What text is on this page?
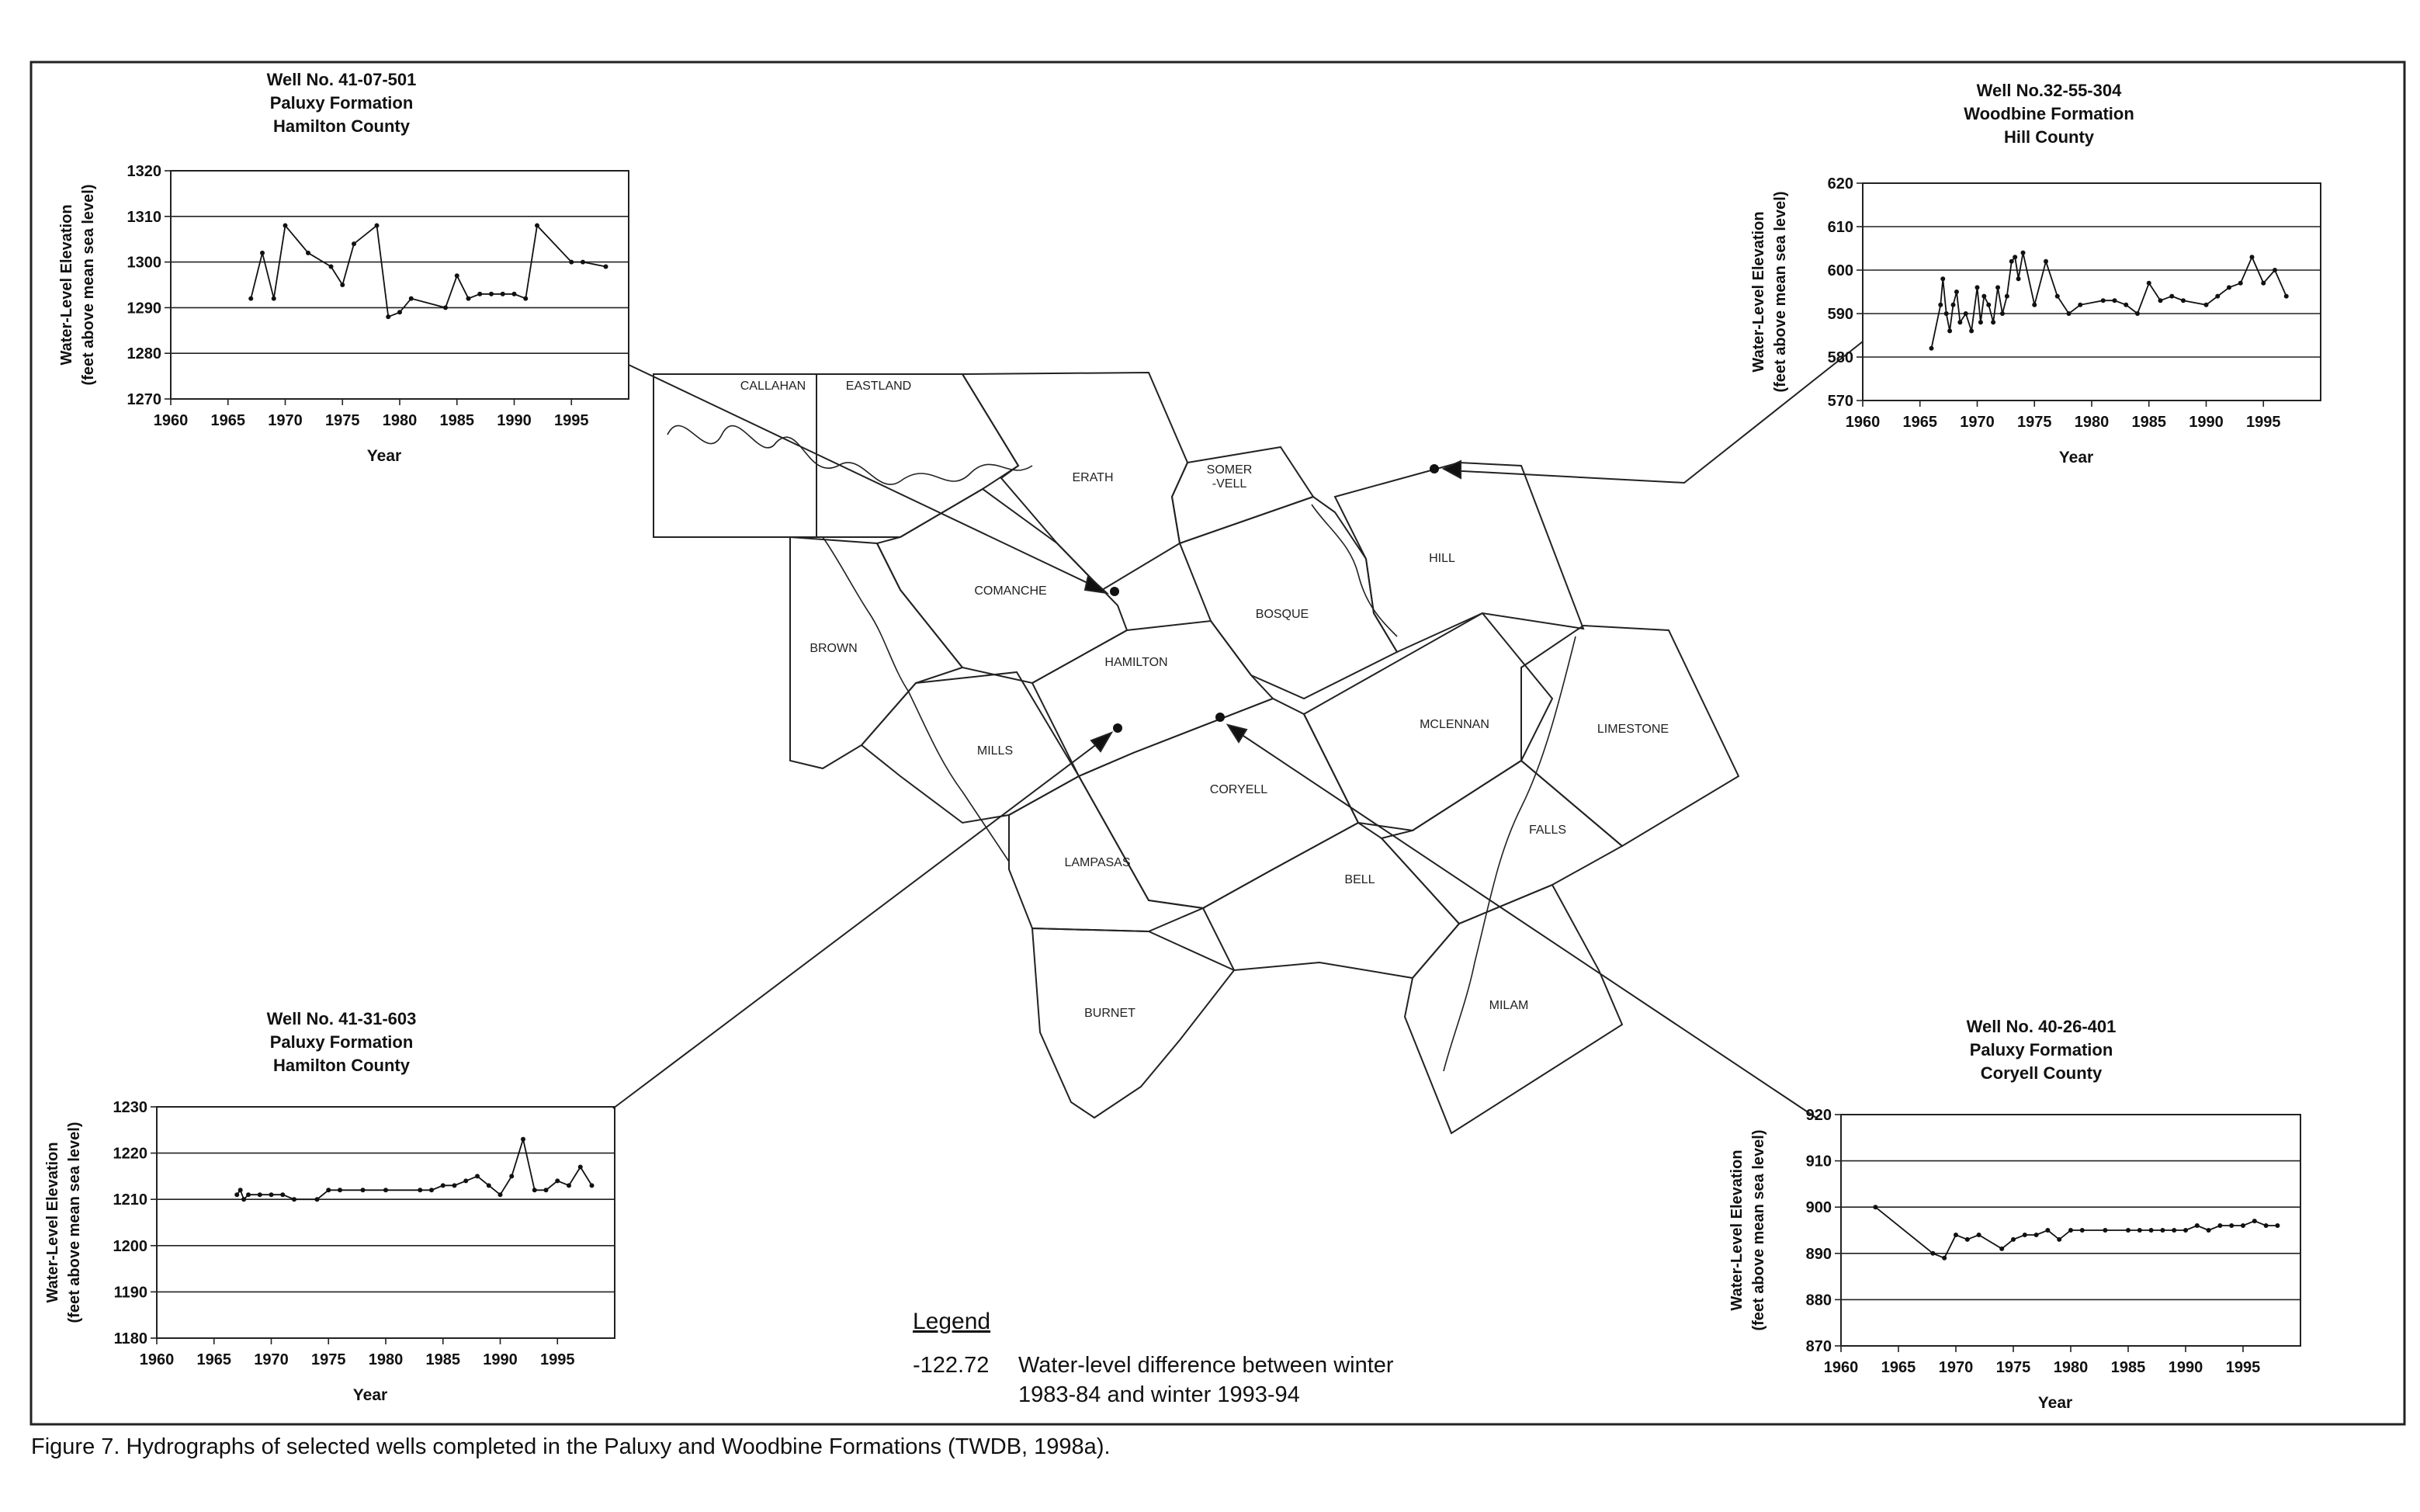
CALLAHAN	EASTLAND
ERATH
SOMER
-VELL
COMANCHE
BOSQUE
HILL
BROWN
HAMILTON
MCLENNAN	LIMESTONE
MILLS
CORYELL
FALLS
LAMPASAS
BELL
BURNET
MILAM
Well No. 41-07-501
Paluxy Formation
Hamilton County
1270
1280
1290
1300
1310
1320
1960 1965 1970 1975 1980 1985 1990 1995
Year
Water-Level Elevation (feet above mean sea level)
Well No.32-55-304
Woodbine Formation
Hill County
570
580
590
600
610
620
1960 1965 1970 1975 1980 1985 1990 1995
Year
Water-Level Elevation (feet above mean sea level)
Well No. 41-31-603
Paluxy Formation
Hamilton County
1180
1190
1200
1210
1220
1230
1960 1965 1970 1975 1980 1985 1990 1995
Year
Water-Level Elevation (feet above mean sea level)
Well No. 40-26-401
Paluxy Formation
Coryell County
870
880
890
900
910
920
1960 1965 1970 1975 1980 1985 1990 1995
Year
Water-Level Elevation (feet above mean sea level)
Legend
-122.72 Water-level difference between winter
1983-84 and winter 1993-94
Figure 7. Hydrographs of selected wells completed in the Paluxy and Woodbine Formations (TWDB, 1998a).
